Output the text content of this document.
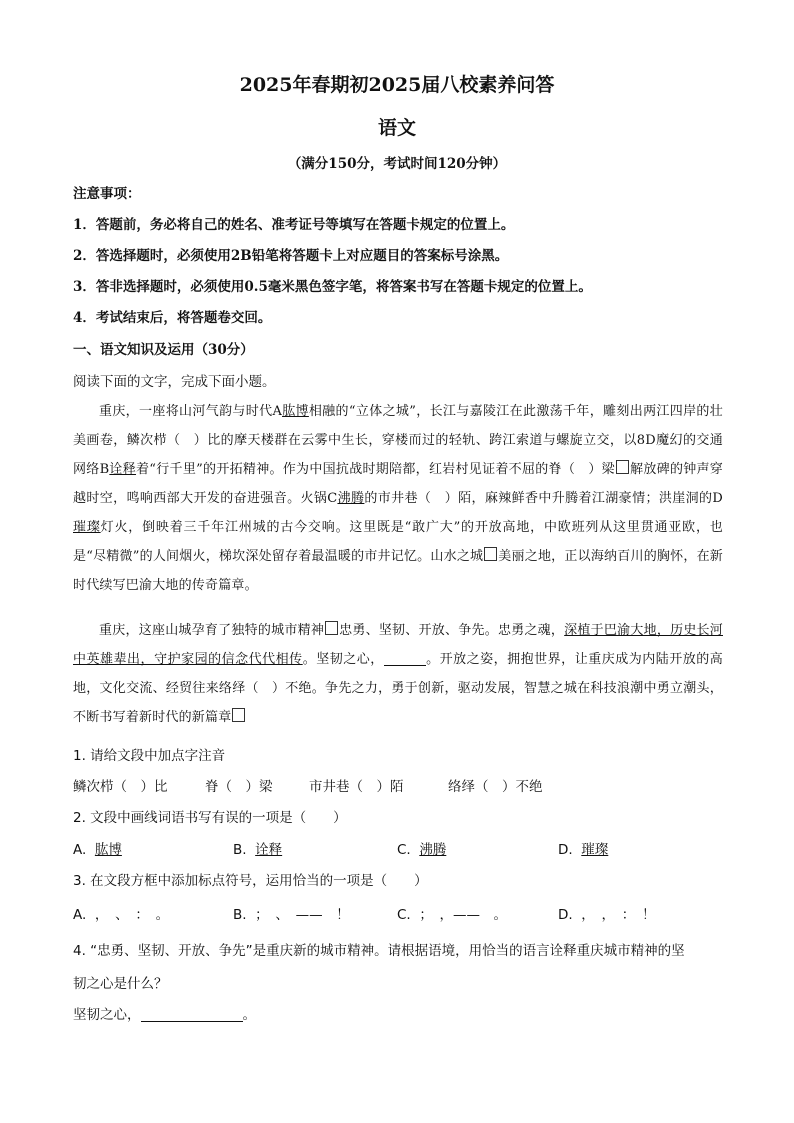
2025年春期初2025届八校素养问答
语文
（满分150分，考试时间120分钟）
注意事项：
1．答题前，务必将自己的姓名、准考证号等填写在答题卡规定的位置上。
2．答选择题时，必须使用2B铅笔将答题卡上对应题目的答案标号涂黑。
3．答非选择题时，必须使用0.5毫米黑色签字笔，将答案书写在答题卡规定的位置上。
4．考试结束后，将答题卷交回。
一、语文知识及运用（30分）
阅读下面的文字，完成下面小题。
重庆，一座将山河气韵与时代A肱博相融的“立体之城”，长江与嘉陵江在此激荡千年，雕刻出两江四岸的壮美画卷，鳞次栉（　）比的摩天楼群在云雾中生长，穿楼而过的轻轨、跨江索道与螺旋立交，以8D魔幻的交通网络B诠释着“行千里”的开拓精神。作为中国抗战时期陪都，红岩村见证着不屈的脊（　）梁 解放碑的钟声穿越时空，鸣响西部大开发的奋进强音。火锅C沸腾的市井巷（　）陌，麻辣鲜香中升腾着江湖豪情；洪崖洞的D璀璨灯火，倒映着三千年江州城的古今交响。这里既是“敢广大”的开放高地，中欧班列从这里贯通亚欧，也是“尽精微”的人间烟火，梯坎深处留存着最温暖的市井记忆。山水之城 美丽之地，正以海纳百川的胸怀，在新时代续写巴渝大地的传奇篇章。
重庆，这座山城孕育了独特的城市精神 忠勇、坚韧、开放、争先。忠勇之魂，深植于巴渝大地，历史长河中英雄辈出，守护家园的信念代代相传。坚韧之心，	。开放之姿，拥抱世界，让重庆成为内陆开放的高地，文化交流、经贸往来络绎（　）不绝。争先之力，勇于创新，驱动发展，智慧之城在科技浪潮中勇立潮头，不断书写着新时代的新篇章
1. 请给文段中加点字注音
鳞次栉（　）比	脊（　）梁	市井巷（　）陌	络绎（　）不绝
2. 文段中画线词语书写有误的一项是（　　）
A. 肱博	B. 诠释	C. 沸腾	D. 璀璨
3. 在文段方框中添加标点符号，运用恰当的一项是（　　）
A. ，　、　：　。	B. ；　、　——　！	C. ；　，——　。	D. ，　，　：　！
4. “忠勇、坚韧、开放、争先”是重庆新的城市精神。请根据语境，用恰当的语言诠释重庆城市精神的坚
韧之心是什么？
坚韧之心，	。
